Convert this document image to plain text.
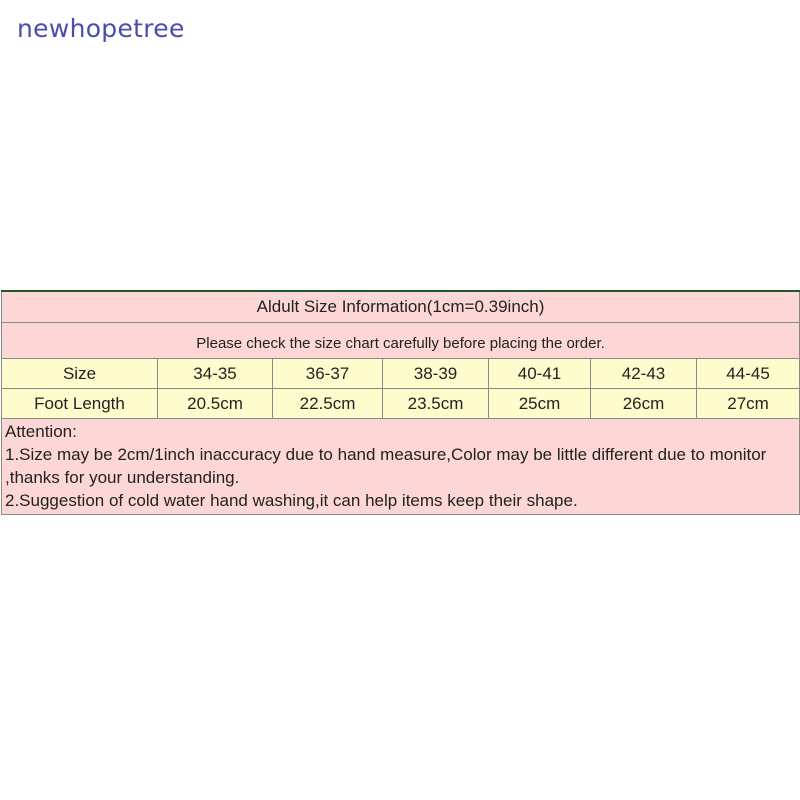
newhopetree
Aldult Size Information(1cm=0.39inch)						
Please check the size chart carefully before placing the order.						
Size	34-35	36-37	38-39	40-41	42-43	44-45
Foot Length	20.5cm	22.5cm	23.5cm	25cm	26cm	27cm

Attention:
1.Size may be 2cm/1inch inaccuracy due to hand measure,Color may be little different due to monitor ,thanks for your understanding.
2.Suggestion of cold water hand washing,it can help items keep their shape.						
